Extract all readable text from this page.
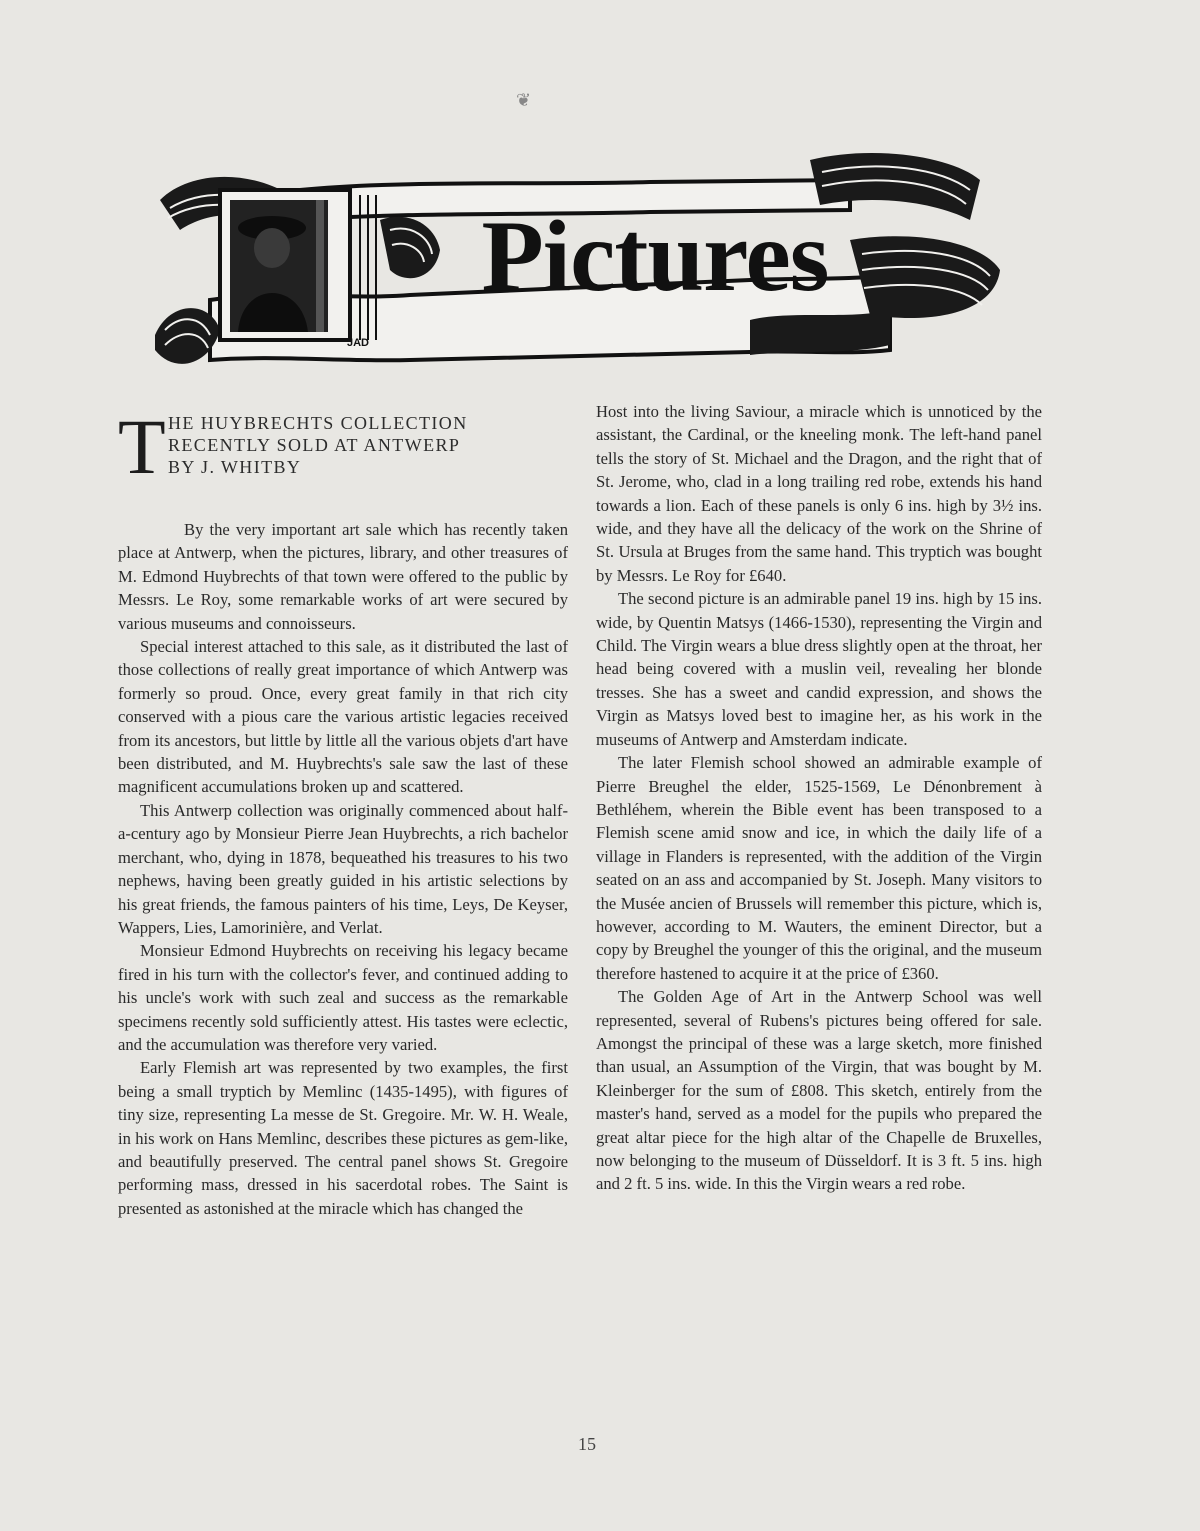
❦
Pictures
JAD
T HE HUYBRECHTS COLLECTION
RECENTLY SOLD AT ANTWERP
BY J. WHITBY

By the very important art sale which has recently taken place at Antwerp, when the pictures, library, and other treasures of M. Edmond Huybrechts of that town were offered to the public by Messrs. Le Roy, some remarkable works of art were secured by various museums and connoisseurs.

Special interest attached to this sale, as it distributed the last of those collections of really great importance of which Antwerp was formerly so proud. Once, every great family in that rich city conserved with a pious care the various artistic legacies received from its ancestors, but little by little all the various objets d'art have been distributed, and M. Huybrechts's sale saw the last of these magnificent accumulations broken up and scattered.

This Antwerp collection was originally commenced about half-a-century ago by Monsieur Pierre Jean Huybrechts, a rich bachelor merchant, who, dying in 1878, bequeathed his treasures to his two nephews, having been greatly guided in his artistic selections by his great friends, the famous painters of his time, Leys, De Keyser, Wappers, Lies, Lamorinière, and Verlat.

Monsieur Edmond Huybrechts on receiving his legacy became fired in his turn with the collector's fever, and continued adding to his uncle's work with such zeal and success as the remarkable specimens recently sold sufficiently attest. His tastes were eclectic, and the accumulation was therefore very varied.

Early Flemish art was represented by two examples, the first being a small tryptich by Memlinc (1435-1495), with figures of tiny size, representing La messe de St. Gregoire. Mr. W. H. Weale, in his work on Hans Memlinc, describes these pictures as gem-like, and beautifully preserved. The central panel shows St. Gregoire performing mass, dressed in his sacerdotal robes. The Saint is presented as astonished at the miracle which has changed the

Host into the living Saviour, a miracle which is unnoticed by the assistant, the Cardinal, or the kneeling monk. The left-hand panel tells the story of St. Michael and the Dragon, and the right that of St. Jerome, who, clad in a long trailing red robe, extends his hand towards a lion. Each of these panels is only 6 ins. high by 3½ ins. wide, and they have all the delicacy of the work on the Shrine of St. Ursula at Bruges from the same hand. This tryptich was bought by Messrs. Le Roy for £640.

The second picture is an admirable panel 19 ins. high by 15 ins. wide, by Quentin Matsys (1466-1530), representing the Virgin and Child. The Virgin wears a blue dress slightly open at the throat, her head being covered with a muslin veil, revealing her blonde tresses. She has a sweet and candid expression, and shows the Virgin as Matsys loved best to imagine her, as his work in the museums of Antwerp and Amsterdam indicate.

The later Flemish school showed an admirable example of Pierre Breughel the elder, 1525-1569, Le Dénonbrement à Bethléhem, wherein the Bible event has been transposed to a Flemish scene amid snow and ice, in which the daily life of a village in Flanders is represented, with the addition of the Virgin seated on an ass and accompanied by St. Joseph. Many visitors to the Musée ancien of Brussels will remember this picture, which is, however, according to M. Wauters, the eminent Director, but a copy by Breughel the younger of this the original, and the museum therefore hastened to acquire it at the price of £360.

The Golden Age of Art in the Antwerp School was well represented, several of Rubens's pictures being offered for sale. Amongst the principal of these was a large sketch, more finished than usual, an Assumption of the Virgin, that was bought by M. Kleinberger for the sum of £808. This sketch, entirely from the master's hand, served as a model for the pupils who prepared the great altar piece for the high altar of the Chapelle de Bruxelles, now belonging to the museum of Düsseldorf. It is 3 ft. 5 ins. high and 2 ft. 5 ins. wide. In this the Virgin wears a red robe.

15
